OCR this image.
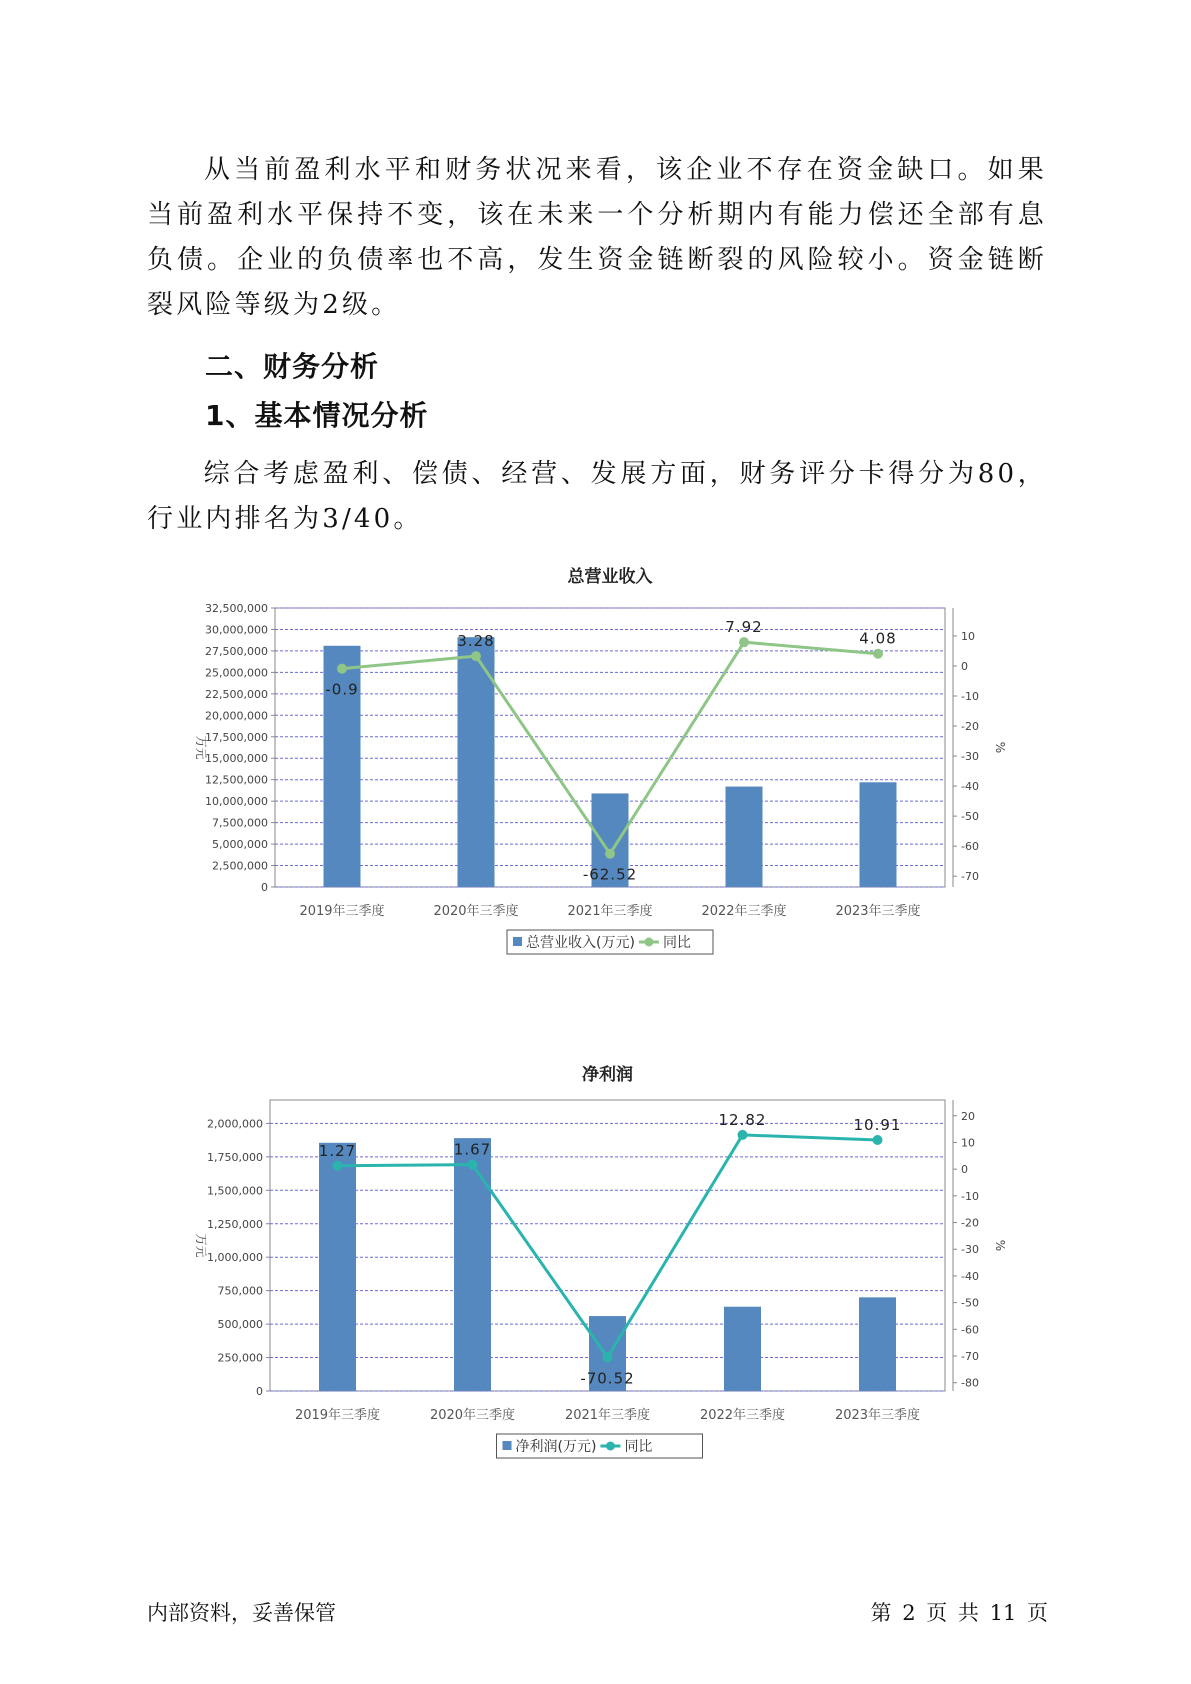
从当前盈利水平和财务状况来看，该企业不存在资金缺口。如果当前盈利水平保持不变，该在未来一个分析期内有能力偿还全部有息负债。企业的负债率也不高，发生资金链断裂的风险较小。资金链断裂风险等级为2级。

二、财务分析
1、基本情况分析

综合考虑盈利、偿债、经营、发展方面，财务评分卡得分为80，行业内排名为3/40。

总营业收入
0
2,500,000
5,000,000
7,500,000
10,000,000
12,500,000
15,000,000
17,500,000
20,000,000
22,500,000
25,000,000
27,500,000
30,000,000
32,500,000
10
0
-10
-20
-30
-40
-50
-60
-70
万元	%
2019年三季度	2020年三季度	2021年三季度	2022年三季度	2023年三季度
-0.9
3.28
-62.52
7.92
4.08
总营业收入(万元) 同比
净利润
0
250,000
500,000
750,000
1,000,000
1,250,000
1,500,000
1,750,000
2,000,000
20
10
0
-10
-20
-30
-40
-50
-60
-70
-80
万元	%
2019年三季度	2020年三季度	2021年三季度	2022年三季度	2023年三季度
1.27	1.67
-70.52
12.82	10.91
净利润(万元) 同比
内部资料，妥善保管	第 2 页 共 11 页
